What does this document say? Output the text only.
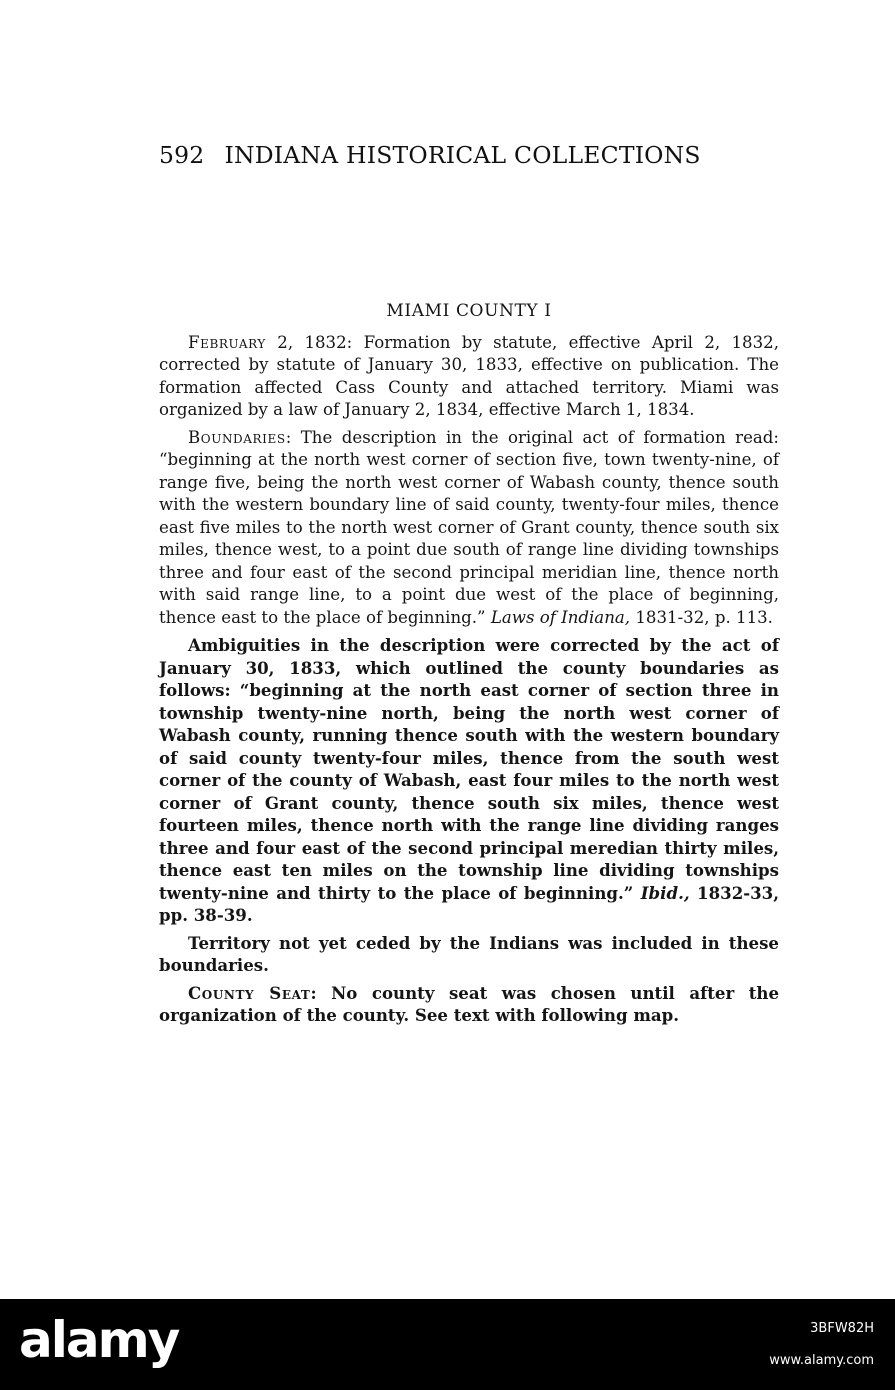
592 INDIANA HISTORICAL COLLECTIONS
MIAMI COUNTY I

February 2, 1832: Formation by statute, effective April 2, 1832, corrected by statute of January 30, 1833, effective on publication. The formation affected Cass County and attached territory. Miami was organized by a law of January 2, 1834, effective March 1, 1834.

Boundaries: The description in the original act of formation read: “beginning at the north west corner of section five, town twenty-nine, of range five, being the north west corner of Wabash county, thence south with the western boundary line of said county, twenty-four miles, thence east five miles to the north west corner of Grant county, thence south six miles, thence west, to a point due south of range line dividing townships three and four east of the second principal meridian line, thence north with said range line, to a point due west of the place of beginning, thence east to the place of beginning.” Laws of Indiana, 1831-32, p. 113.

Ambiguities in the description were corrected by the act of January 30, 1833, which outlined the county boundaries as follows: “beginning at the north east corner of section three in township twenty-nine north, being the north west corner of Wabash county, running thence south with the western boundary of said county twenty-four miles, thence from the south west corner of the county of Wabash, east four miles to the north west corner of Grant county, thence south six miles, thence west fourteen miles, thence north with the range line dividing ranges three and four east of the second principal meredian thirty miles, thence east ten miles on the township line dividing townships twenty-nine and thirty to the place of beginning.” Ibid., 1832-33, pp. 38-39.

Territory not yet ceded by the Indians was included in these boundaries.

County Seat: No county seat was chosen until after the organization of the county. See text with following map.

alamy	3BFW82H
www.alamy.com
